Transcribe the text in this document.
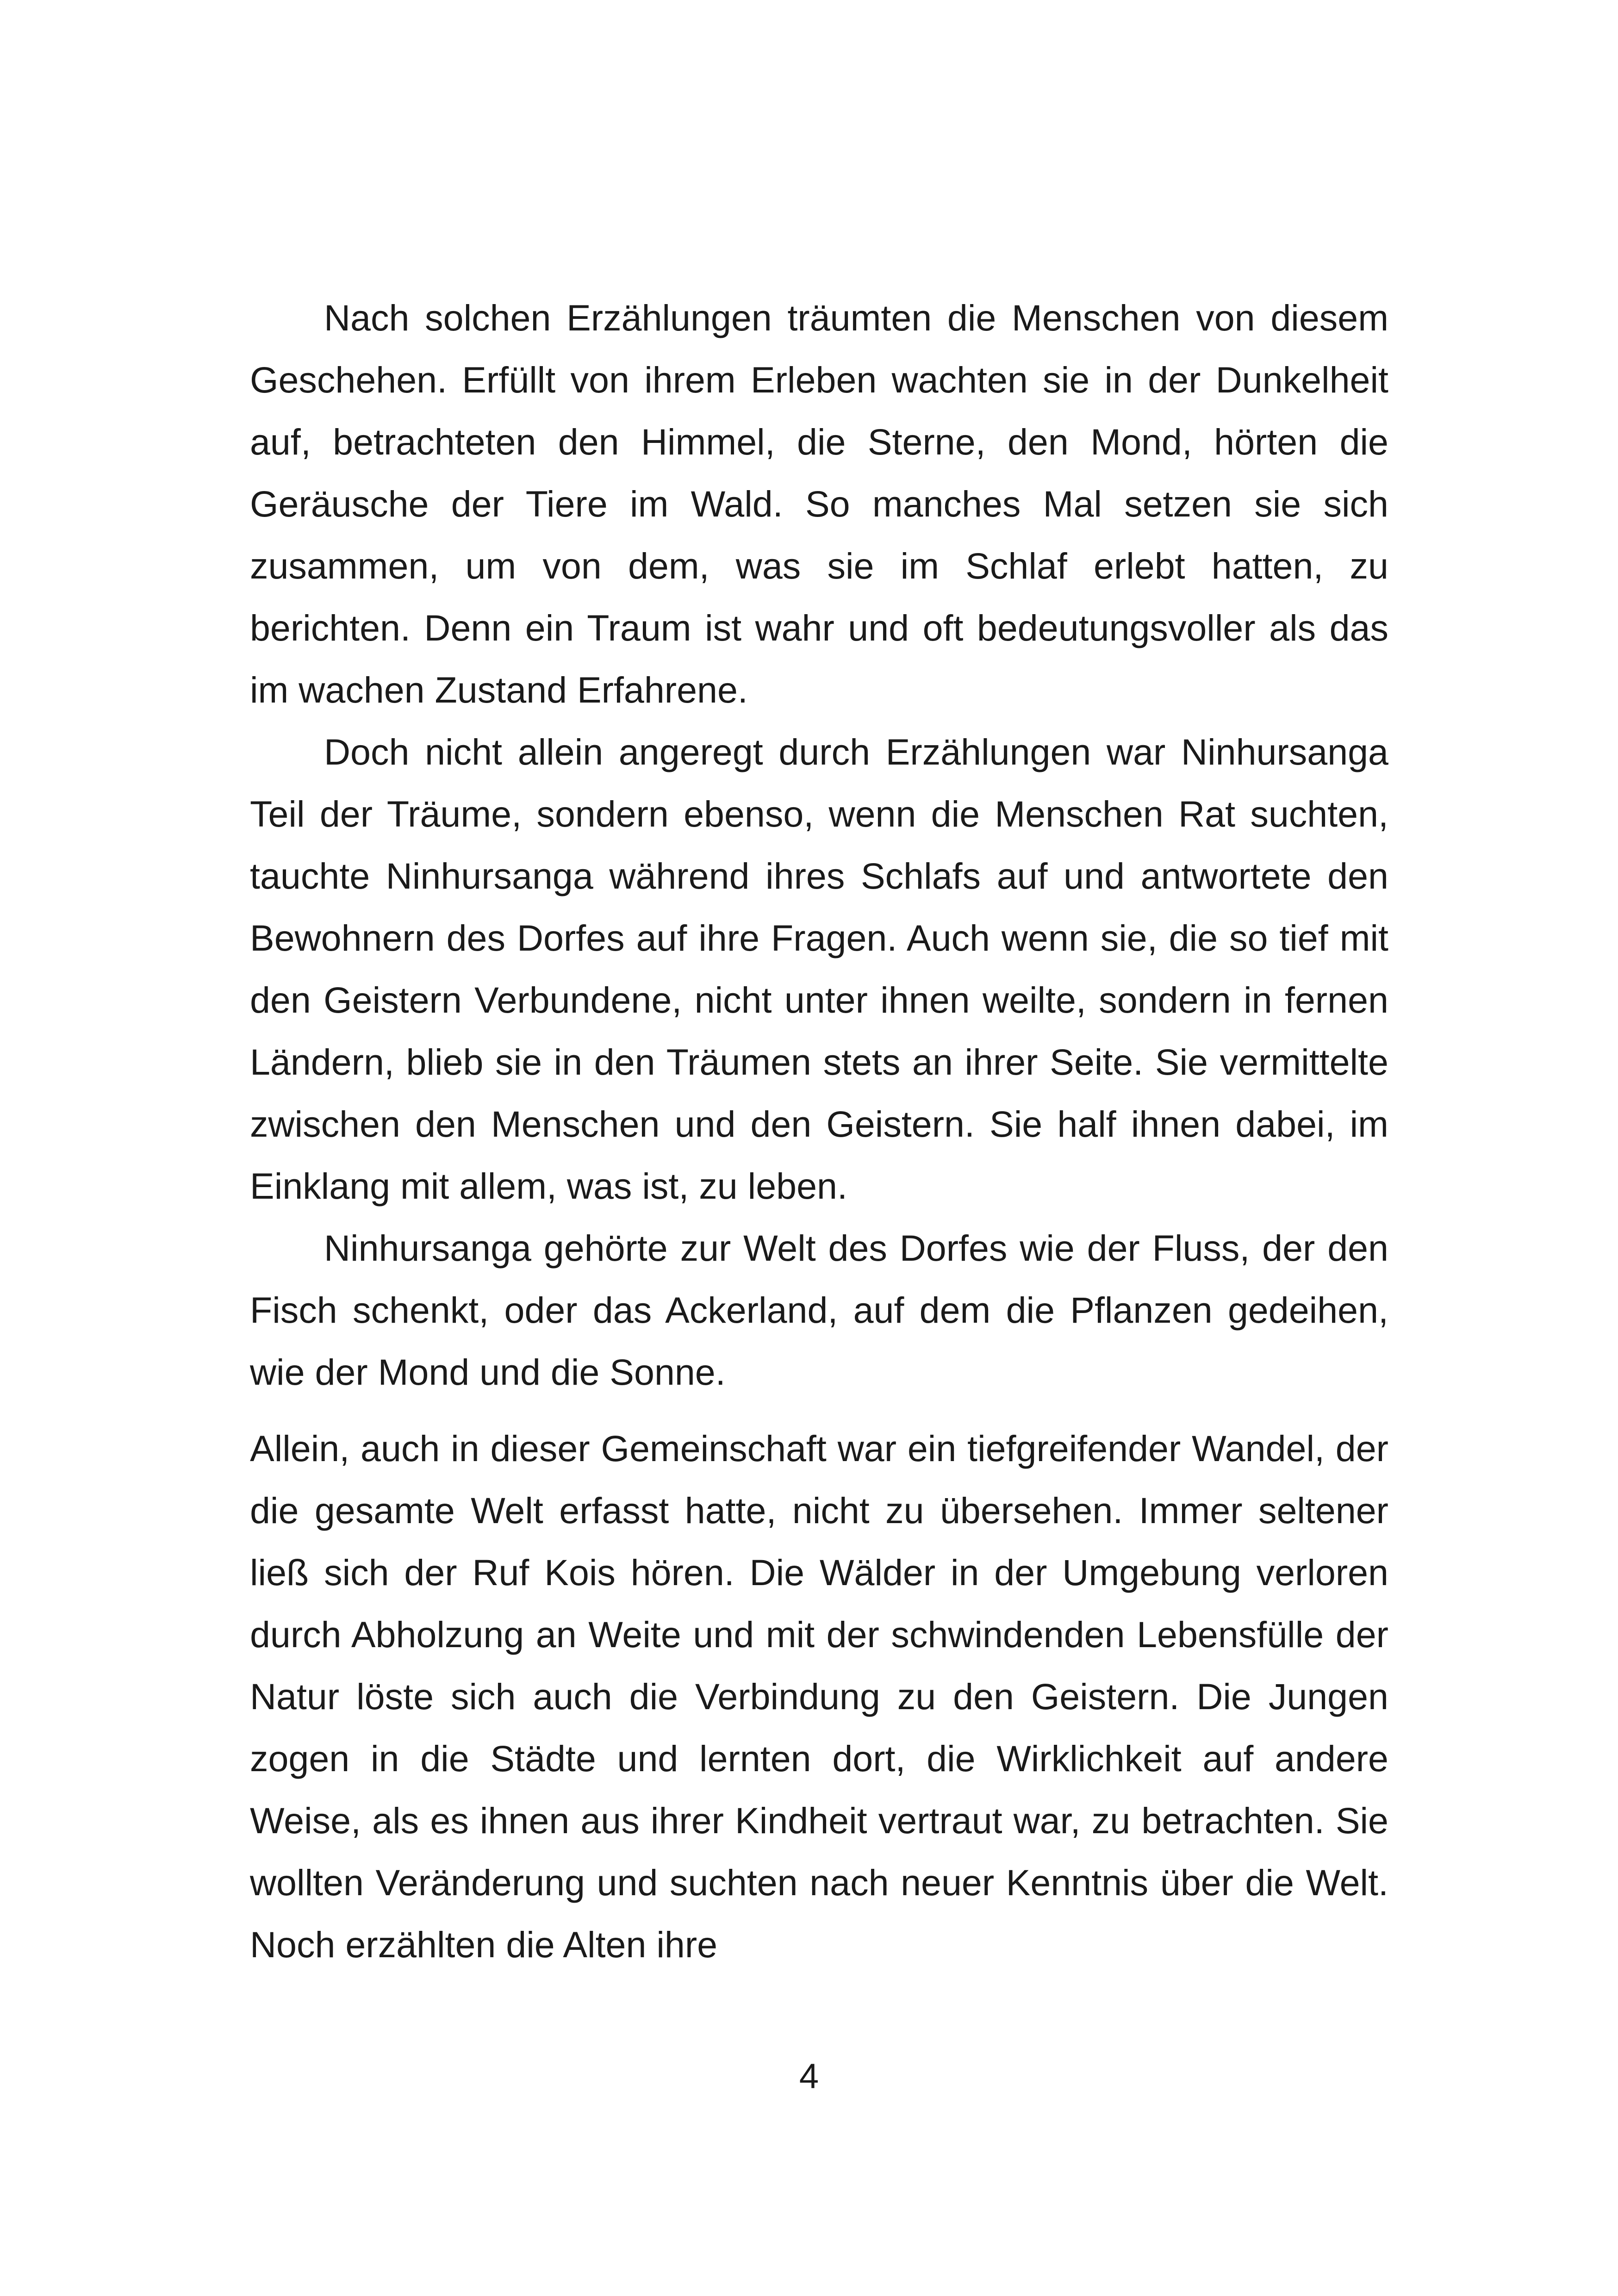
Nach solchen Erzählungen träumten die Menschen von diesem Geschehen. Erfüllt von ihrem Erleben wachten sie in der Dunkelheit auf, betrachteten den Himmel, die Sterne, den Mond, hörten die Geräusche der Tiere im Wald. So manches Mal setzen sie sich zusammen, um von dem, was sie im Schlaf erlebt hatten, zu berichten. Denn ein Traum ist wahr und oft bedeutungsvoller als das im wachen Zustand Erfahrene.

Doch nicht allein angeregt durch Erzählungen war Ninhursanga Teil der Träume, sondern ebenso, wenn die Menschen Rat suchten, tauchte Ninhursanga während ihres Schlafs auf und antwortete den Bewohnern des Dorfes auf ihre Fragen. Auch wenn sie, die so tief mit den Geistern Verbundene, nicht unter ihnen weilte, sondern in fernen Ländern, blieb sie in den Träumen stets an ihrer Seite. Sie vermittelte zwischen den Menschen und den Geistern. Sie half ihnen dabei, im Einklang mit allem, was ist, zu leben.

Ninhursanga gehörte zur Welt des Dorfes wie der Fluss, der den Fisch schenkt, oder das Ackerland, auf dem die Pflanzen gedeihen, wie der Mond und die Sonne.

Allein, auch in dieser Gemeinschaft war ein tiefgreifender Wandel, der die gesamte Welt erfasst hatte, nicht zu übersehen. Immer seltener ließ sich der Ruf Kois hören. Die Wälder in der Umgebung verloren durch Abholzung an Weite und mit der schwindenden Lebensfülle der Natur löste sich auch die Verbindung zu den Geistern. Die Jungen zogen in die Städte und lernten dort, die Wirklichkeit auf andere Weise, als es ihnen aus ihrer Kindheit vertraut war, zu betrachten. Sie wollten Veränderung und suchten nach neuer Kenntnis über die Welt. Noch erzählten die Alten ihre

4
